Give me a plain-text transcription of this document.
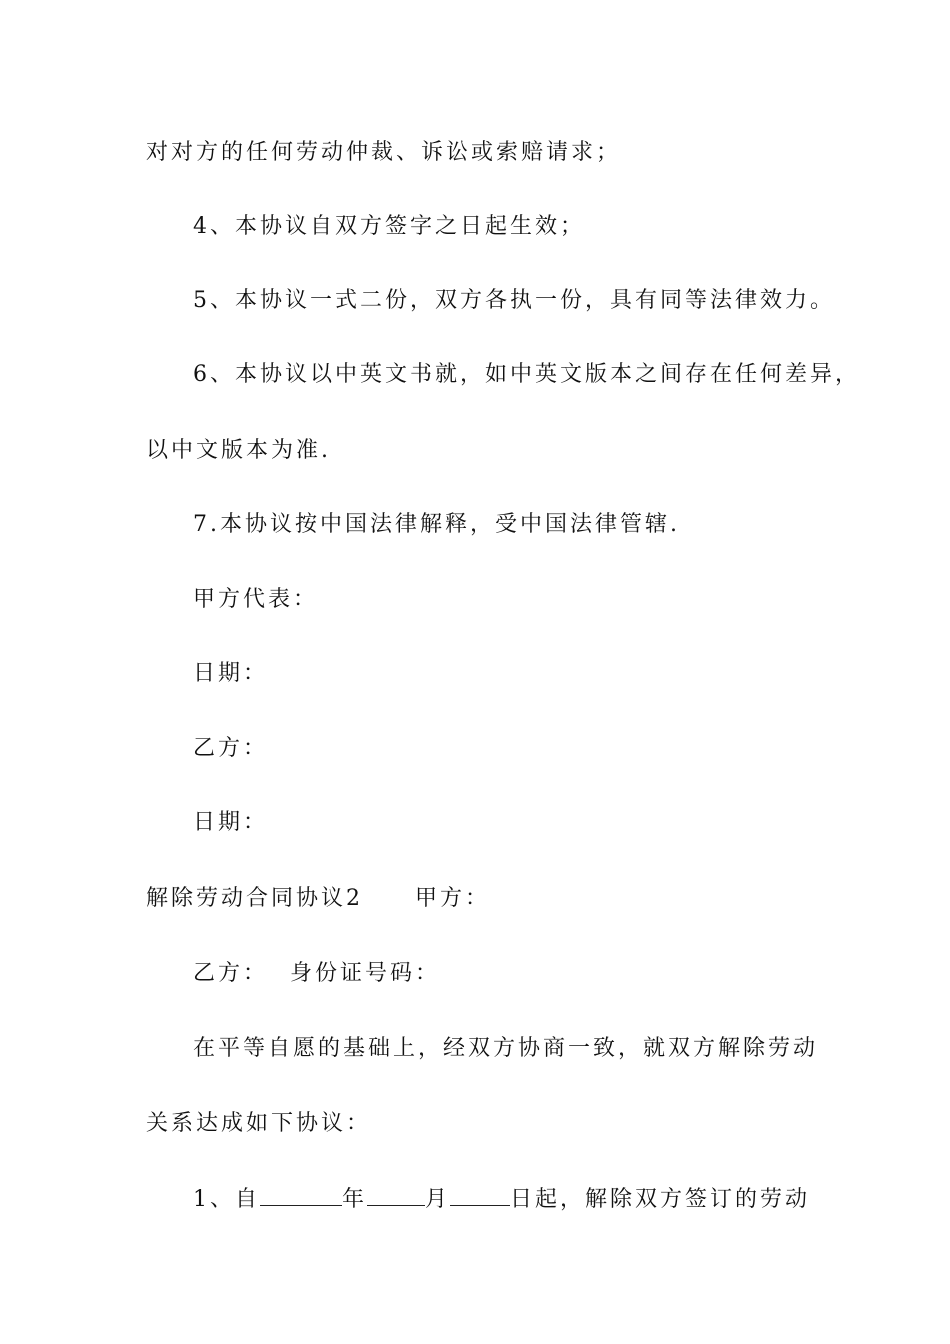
对对方的任何劳动仲裁、诉讼或索赔请求；
4、本协议自双方签字之日起生效；
5、本协议一式二份，双方各执一份，具有同等法律效力。
6、本协议以中英文书就，如中英文版本之间存在任何差异，
以中文版本为准.
7.本协议按中国法律解释，受中国法律管辖.
甲方代表：
日期：
乙方：
日期：
解除劳动合同协议2 甲方：
乙方： 身份证号码：
在平等自愿的基础上，经双方协商一致，就双方解除劳动
关系达成如下协议：
1、自	年	月	日起，解除双方签订的劳动
